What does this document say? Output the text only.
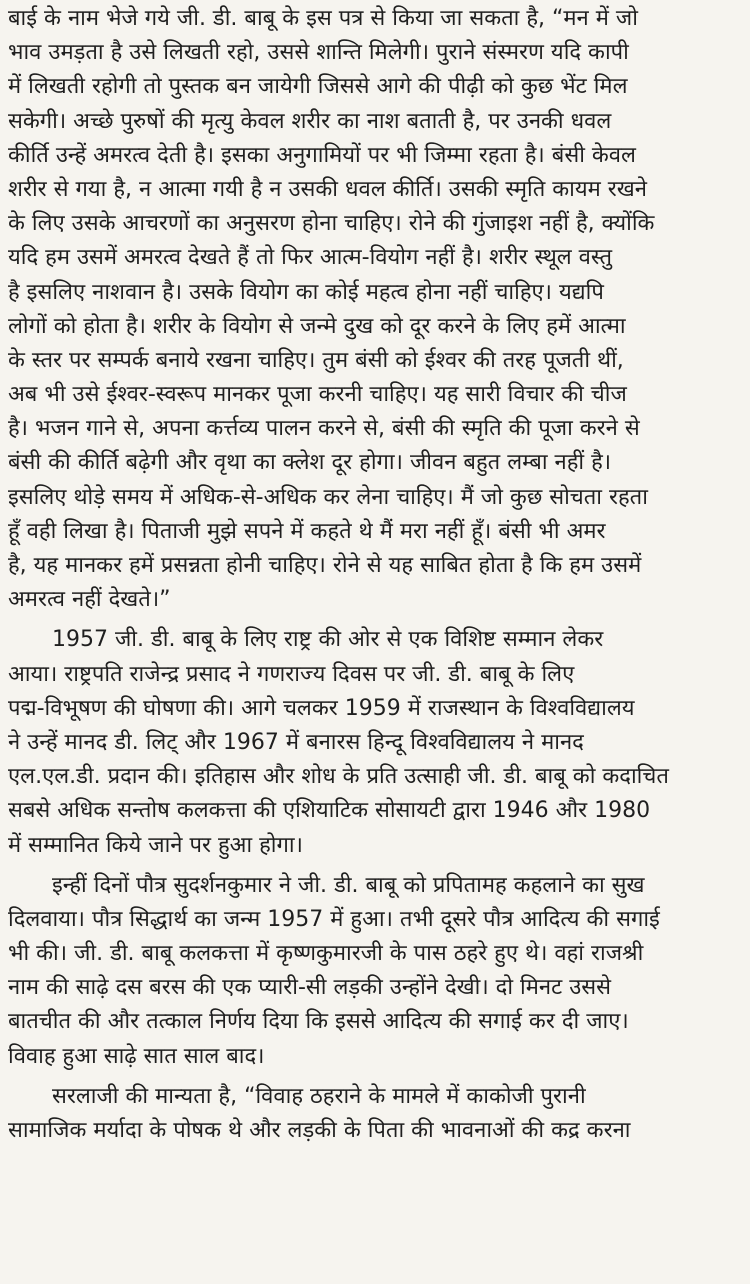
बाई के नाम भेजे गये जी. डी. बाबू के इस पत्र से किया जा सकता है, “मन में जो
भाव उमड़ता है उसे लिखती रहो, उससे शान्ति मिलेगी। पुराने संस्मरण यदि कापी
में लिखती रहोगी तो पुस्तक बन जायेगी जिससे आगे की पीढ़ी को कुछ भेंट मिल
सकेगी। अच्छे पुरुषों की मृत्यु केवल शरीर का नाश बताती है, पर उनकी धवल
कीर्ति उन्हें अमरत्व देती है। इसका अनुगामियों पर भी जिम्मा रहता है। बंसी केवल
शरीर से गया है, न आत्मा गयी है न उसकी धवल कीर्ति। उसकी स्मृति कायम रखने
के लिए उसके आचरणों का अनुसरण होना चाहिए। रोने की गुंजाइश नहीं है, क्योंकि
यदि हम उसमें अमरत्व देखते हैं तो फिर आत्म-वियोग नहीं है। शरीर स्थूल वस्तु
है इसलिए नाशवान है। उसके वियोग का कोई महत्व होना नहीं चाहिए। यद्यपि
लोगों को होता है। शरीर के वियोग से जन्मे दुख को दूर करने के लिए हमें आत्मा
के स्तर पर सम्पर्क बनाये रखना चाहिए। तुम बंसी को ईश्वर की तरह पूजती थीं,
अब भी उसे ईश्वर-स्वरूप मानकर पूजा करनी चाहिए। यह सारी विचार की चीज
है। भजन गाने से, अपना कर्त्तव्य पालन करने से, बंसी की स्मृति की पूजा करने से
बंसी की कीर्ति बढ़ेगी और वृथा का क्लेश दूर होगा। जीवन बहुत लम्बा नहीं है।
इसलिए थोड़े समय में अधिक-से-अधिक कर लेना चाहिए। मैं जो कुछ सोचता रहता
हूँ वही लिखा है। पिताजी मुझे सपने में कहते थे मैं मरा नहीं हूँ। बंसी भी अमर
है, यह मानकर हमें प्रसन्नता होनी चाहिए। रोने से यह साबित होता है कि हम उसमें
अमरत्व नहीं देखते।”
1957 जी. डी. बाबू के लिए राष्ट्र की ओर से एक विशिष्ट सम्मान लेकर
आया। राष्ट्रपति राजेन्द्र प्रसाद ने गणराज्य दिवस पर जी. डी. बाबू के लिए
पद्म-विभूषण की घोषणा की। आगे चलकर 1959 में राजस्थान के विश्वविद्यालय
ने उन्हें मानद डी. लिट् और 1967 में बनारस हिन्दू विश्वविद्यालय ने मानद
एल.एल.डी. प्रदान की। इतिहास और शोध के प्रति उत्साही जी. डी. बाबू को कदाचित
सबसे अधिक सन्तोष कलकत्ता की एशियाटिक सोसायटी द्वारा 1946 और 1980
में सम्मानित किये जाने पर हुआ होगा।
इन्हीं दिनों पौत्र सुदर्शनकुमार ने जी. डी. बाबू को प्रपितामह कहलाने का सुख
दिलवाया। पौत्र सिद्धार्थ का जन्म 1957 में हुआ। तभी दूसरे पौत्र आदित्य की सगाई
भी की। जी. डी. बाबू कलकत्ता में कृष्णकुमारजी के पास ठहरे हुए थे। वहां राजश्री
नाम की साढ़े दस बरस की एक प्यारी-सी लड़की उन्होंने देखी। दो मिनट उससे
बातचीत की और तत्काल निर्णय दिया कि इससे आदित्य की सगाई कर दी जाए।
विवाह हुआ साढ़े सात साल बाद।
सरलाजी की मान्यता है, “विवाह ठहराने के मामले में काकोजी पुरानी
सामाजिक मर्यादा के पोषक थे और लड़की के पिता की भावनाओं की कद्र करना
